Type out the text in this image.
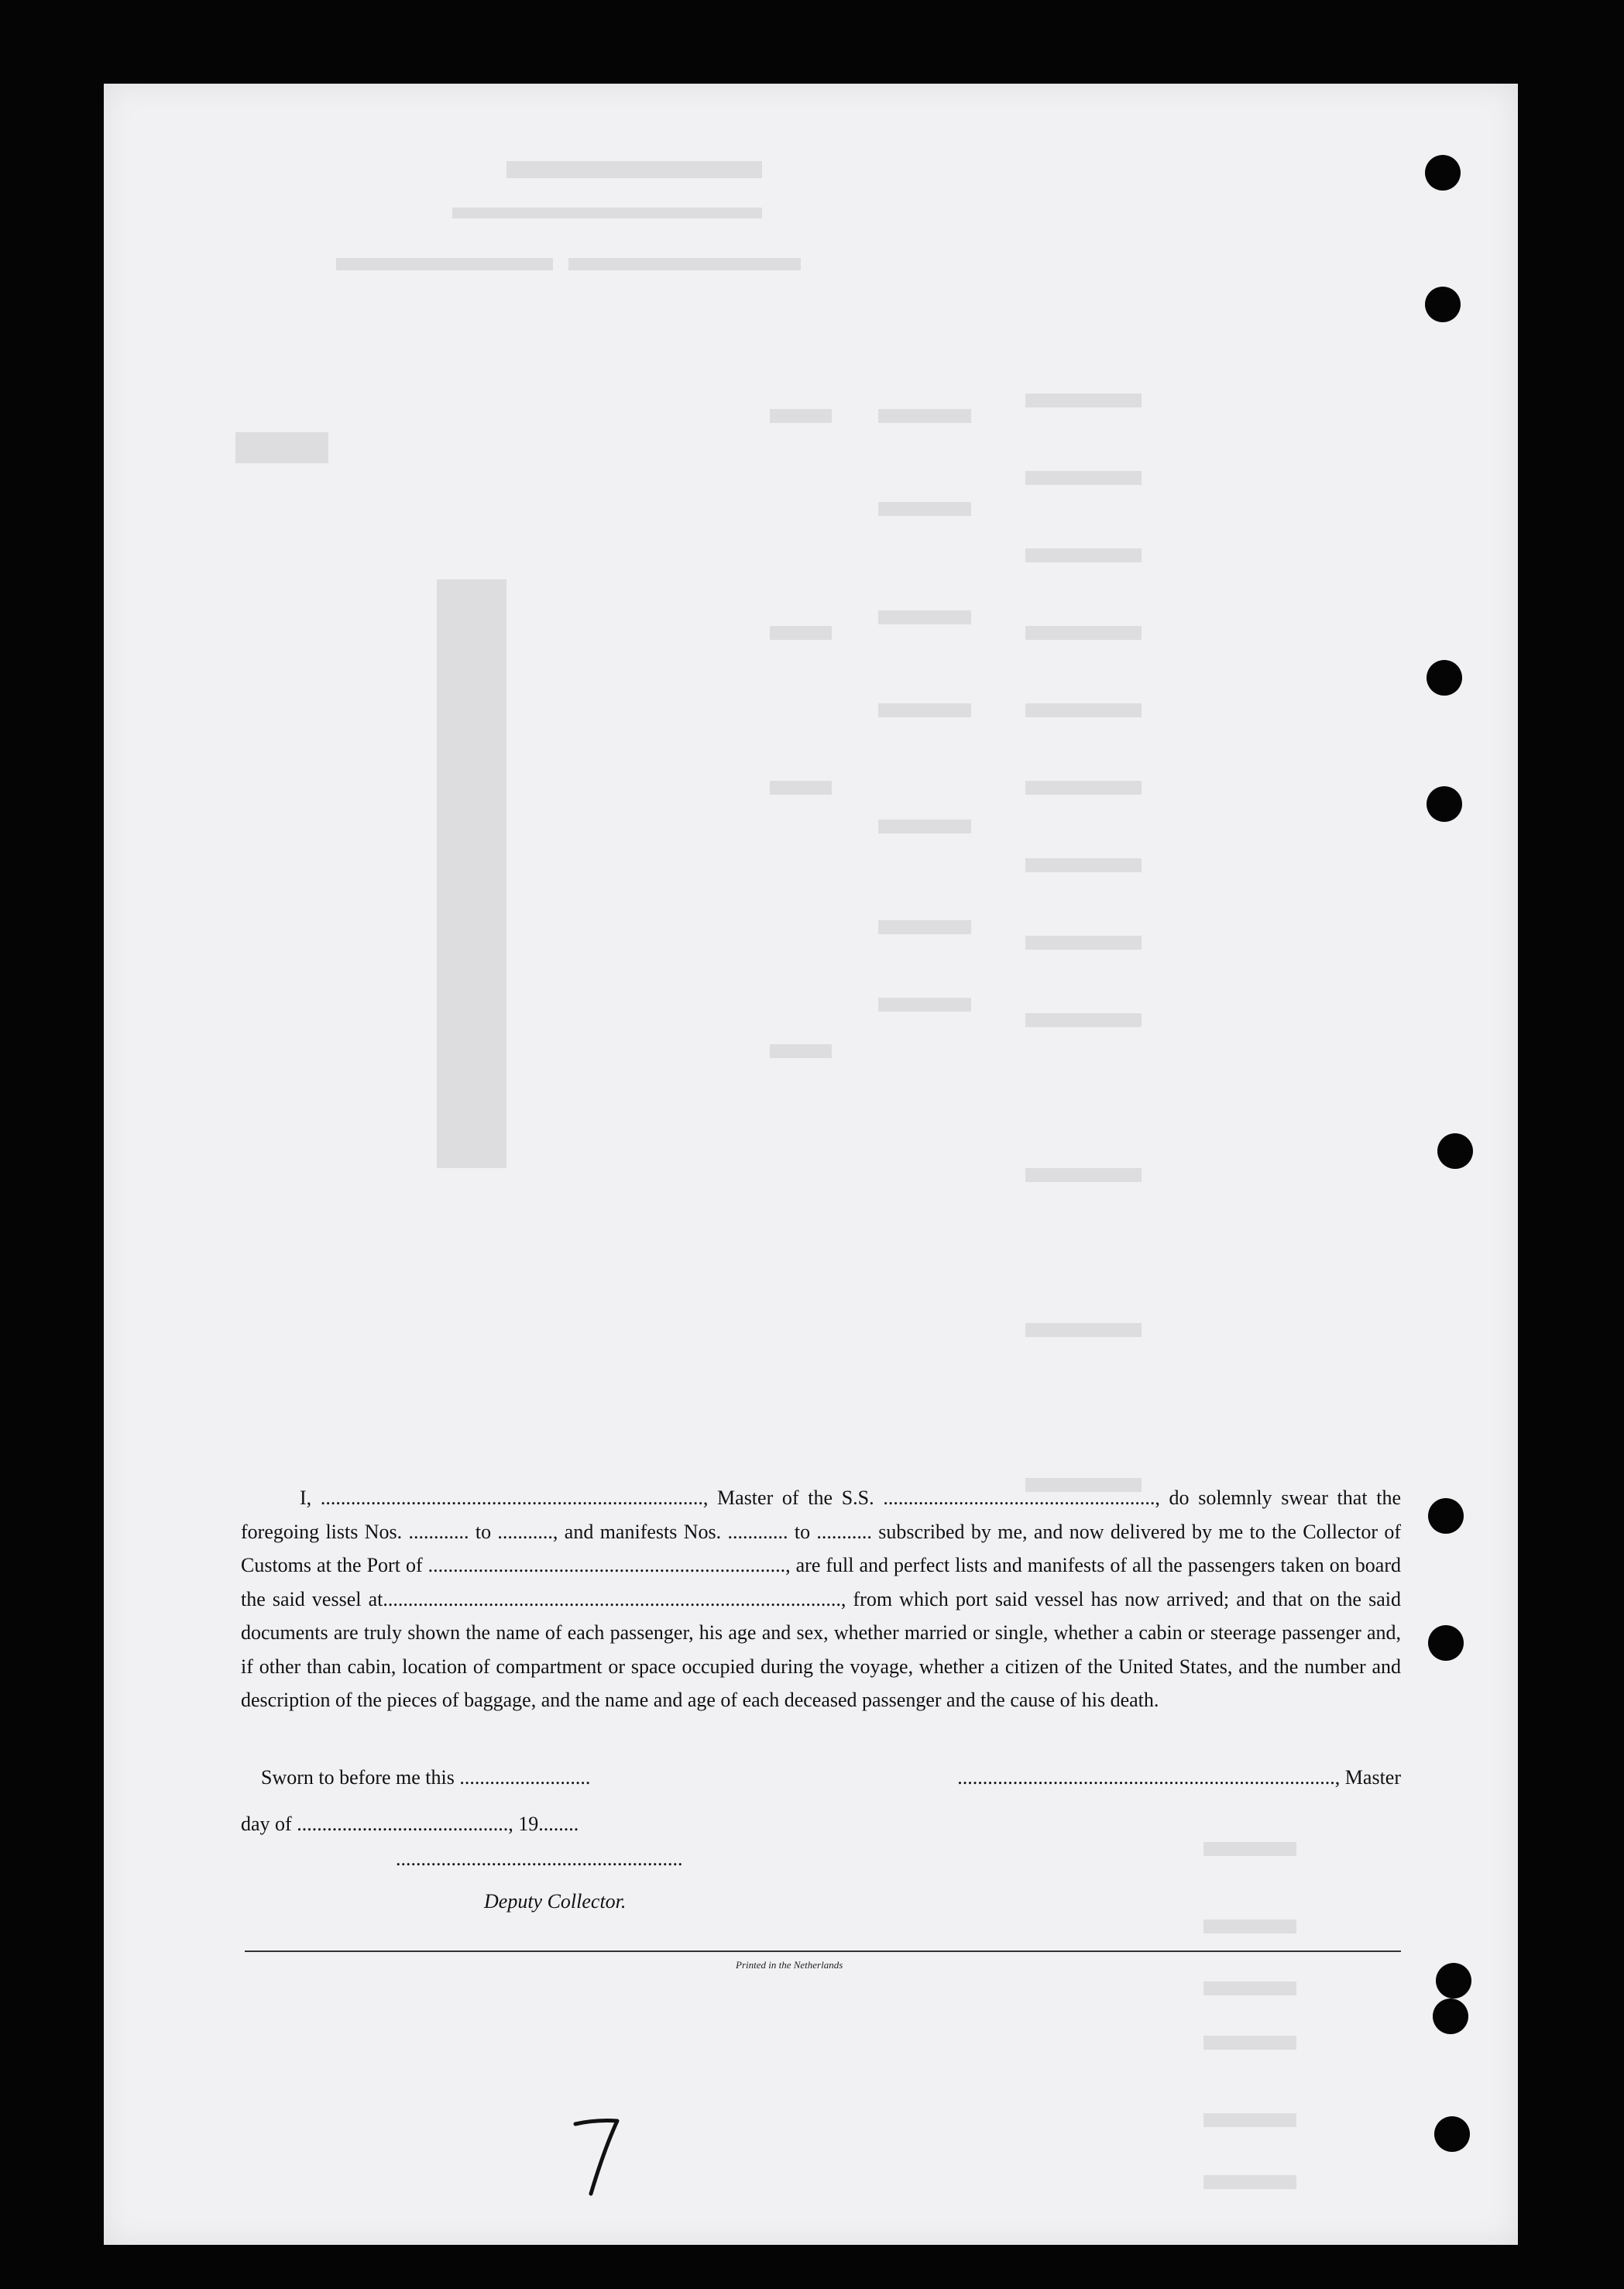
I, ............................................................................, Master of the S.S. ......................................................, do solemnly swear that the foregoing lists Nos. ............ to ..........., and manifests Nos. ............ to ........... subscribed by me, and now delivered by me to the Collector of Customs at the Port of ......................................................................., are full and perfect lists and manifests of all the passengers taken on board the said vessel at..........................................................................................., from which port said vessel has now arrived; and that on the said documents are truly shown the name of each passenger, his age and sex, whether married or single, whether a cabin or steerage passenger and, if other than cabin, location of compartment or space occupied during the voyage, whether a citizen of the United States, and the number and description of the pieces of baggage, and the name and age of each deceased passenger and the cause of his death.

Sworn to before me this ..........................	..........................................................................., Master
day of .........................................., 19........
.........................................................
Deputy Collector.
Printed in the Netherlands
